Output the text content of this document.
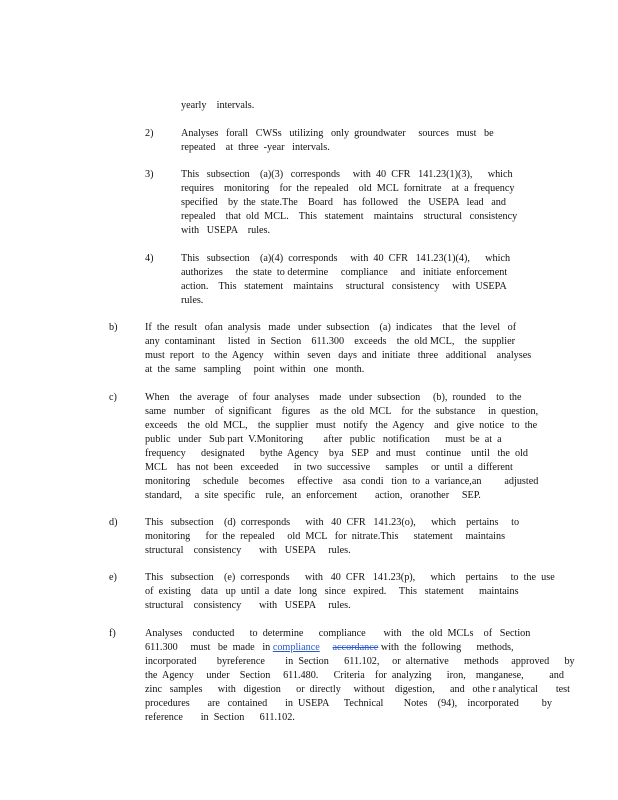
yearly    intervals.
2)	Analyses   forall   CWSs   utilizing   only  groundwater     sources   must   be
repeated    at  three  -year   intervals.
3)	This   subsection    (a)(3)   corresponds     with  40  CFR   141.23(1)(3),      which
requires    monitoring    for  the  repealed    old  MCL  fornitrate    at  a  frequency
specified    by  the  state.The    Board    has  followed    the   USEPA   lead   and
repealed    that  old  MCL.    This   statement    maintains    structural   consistency
with   USEPA    rules.
4)	This   subsection    (a)(4)  corresponds     with  40  CFR   141.23(1)(4),      which
authorizes     the  state  to determine     compliance     and   initiate  enforcement
action.    This   statement    maintains     structural   consistency     with  USEPA
rules.
b)	If  the  result   ofan  analysis   made   under  subsection    (a)  indicates    that  the  level   of
any  contaminant     listed   in  Section    611.300    exceeds    the  old MCL,    the  supplier
must  report   to  the  Agency    within   seven   days  and  initiate   three   additional    analyses
at  the  same   sampling     point  within   one   month.
c)	When    the  average    of  four  analyses    made   under  subsection     (b),  rounded    to  the
same   number    of  significant    figures    as  the  old  MCL    for  the  substance     in  question,
exceeds    the  old  MCL,    the  supplier   must   notify   the  Agency    and   give  notice   to  the
public   under   Sub part  V.Monitoring        after   public   notification      must  be  at  a
frequency      designated      bythe  Agency    bya   SEP   and  must    continue    until   the  old
MCL    has  not  been   exceeded      in  two  successive      samples     or  until  a  different
monitoring     schedule    becomes     effective    asa  condi   tion  to  a  variance,an         adjusted
standard,     a  site  specific    rule,   an  enforcement       action,   oranother     SEP.
d)	This   subsection    (d)  corresponds      with   40  CFR   141.23(o),      which    pertains     to
monitoring      for  the  repealed     old  MCL   for  nitrate.This      statement     maintains
structural    consistency       with   USEPA     rules.
e)	This   subsection    (e)  corresponds      with   40  CFR   141.23(p),      which    pertains     to  the  use
of  existing    data   up  until  a  date   long   since   expired.     This   statement      maintains
structural    consistency       with   USEPA     rules.
f)	Analyses    conducted      to  determine      compliance       with    the  old  MCLs    of   Section
611.300     must   be  made   in compliance accordance with  the  following      methods,
incorporated        byreference        in  Section      611.102,     or  alternative      methods     approved      by
the  Agency     under    Section     611.480.      Criteria    for  analyzing      iron,    manganese,          and
zinc   samples      with   digestion      or  directly     without    digestion,      and   othe r analytical       test
procedures       are   contained       in  USEPA      Technical        Notes    (94),    incorporated         by
reference       in  Section      611.102.
